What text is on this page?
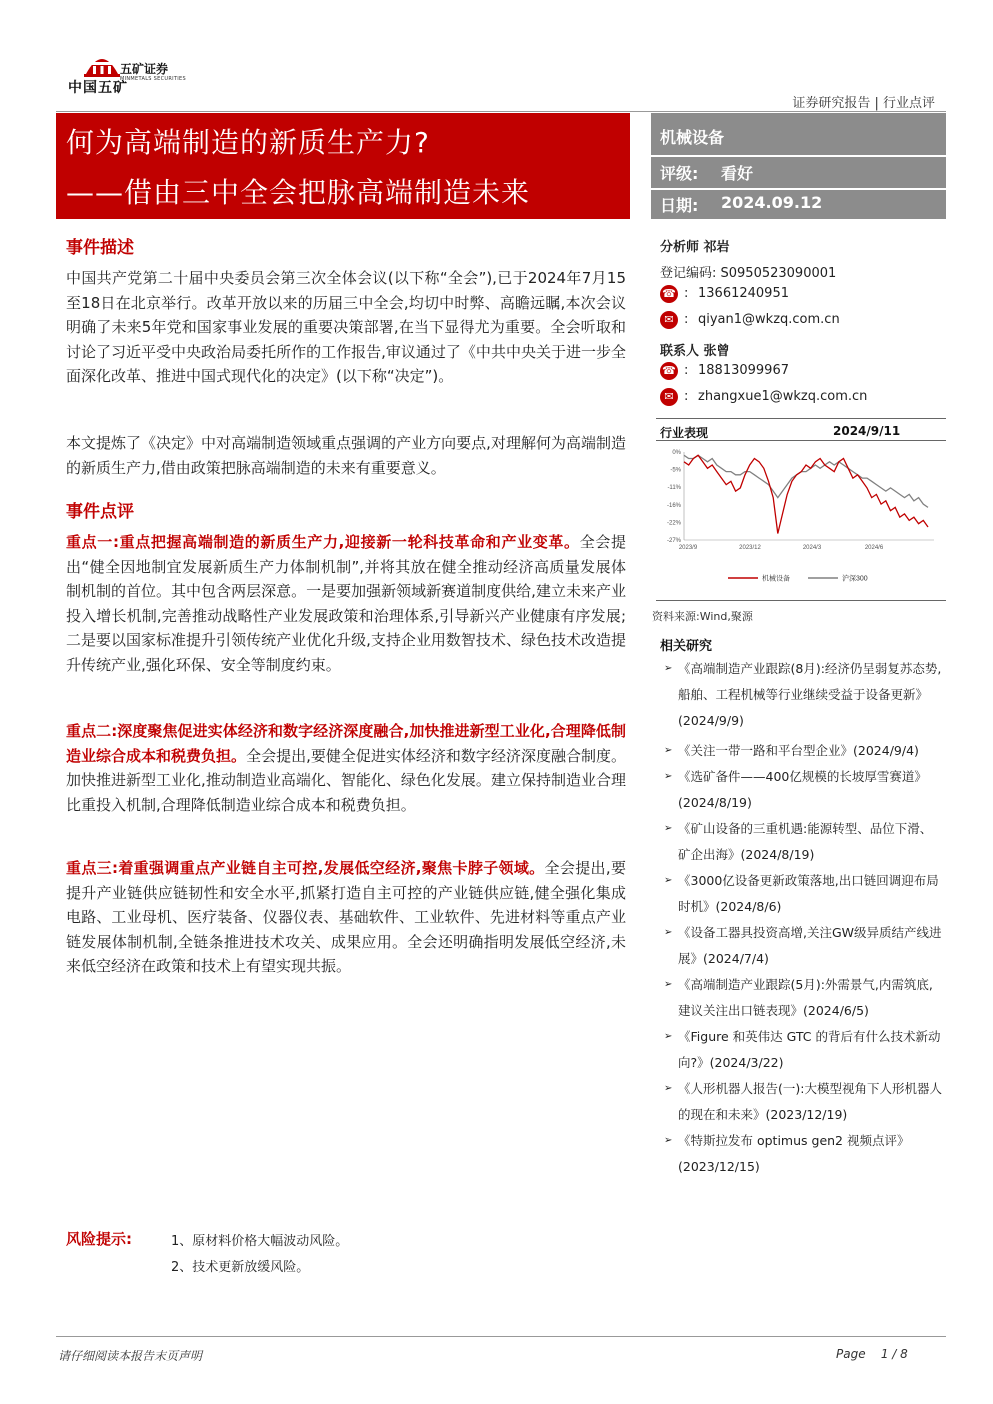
中国五矿
五矿证券
MINMETALS SECURITIES
证券研究报告 | 行业点评
何为高端制造的新质生产力?
——借由三中全会把脉高端制造未来
机械设备
评级: 看好
日期: 2024.09.12
事件描述
中国共产党第二十届中央委员会第三次全体会议(以下称“全会”),已于2024年7月15至18日在北京举行。改革开放以来的历届三中全会,均切中时弊、高瞻远瞩,本次会议明确了未来5年党和国家事业发展的重要决策部署,在当下显得尤为重要。全会听取和讨论了习近平受中央政治局委托所作的工作报告,审议通过了《中共中央关于进一步全面深化改革、推进中国式现代化的决定》(以下称“决定”)。
本文提炼了《决定》中对高端制造领域重点强调的产业方向要点,对理解何为高端制造的新质生产力,借由政策把脉高端制造的未来有重要意义。
事件点评
重点一:重点把握高端制造的新质生产力,迎接新一轮科技革命和产业变革。全会提出“健全因地制宜发展新质生产力体制机制”,并将其放在健全推动经济高质量发展体制机制的首位。其中包含两层深意。一是要加强新领域新赛道制度供给,建立未来产业投入增长机制,完善推动战略性产业发展政策和治理体系,引导新兴产业健康有序发展;二是要以国家标准提升引领传统产业优化升级,支持企业用数智技术、绿色技术改造提升传统产业,强化环保、安全等制度约束。
重点二:深度聚焦促进实体经济和数字经济深度融合,加快推进新型工业化,合理降低制造业综合成本和税费负担。全会提出,要健全促进实体经济和数字经济深度融合制度。加快推进新型工业化,推动制造业高端化、智能化、绿色化发展。建立保持制造业合理比重投入机制,合理降低制造业综合成本和税费负担。
重点三:着重强调重点产业链自主可控,发展低空经济,聚焦卡脖子领域。全会提出,要提升产业链供应链韧性和安全水平,抓紧打造自主可控的产业链供应链,健全强化集成电路、工业母机、医疗装备、仪器仪表、基础软件、工业软件、先进材料等重点产业链发展体制机制,全链条推进技术攻关、成果应用。全会还明确指明发展低空经济,未来低空经济在政策和技术上有望实现共振。
分析师 祁岩
登记编码: S0950523090001
☎ : 13661240951
✉ : qiyan1@wkzq.com.cn
联系人 张曾
☎ : 18813099967
✉ : zhangxue1@wkzq.com.cn
行业表现	2024/9/11
0%
-5%
-11%
-16%
-22%
-27%
2023/9	2023/12	2024/3	2024/6
机械设备	沪深300
资料来源:Wind,聚源
相关研究
➢ 《高端制造产业跟踪(8月):经济仍呈弱复苏态势,船舶、工程机械等行业继续受益于设备更新》(2024/9/9)
➢ 《关注一带一路和平台型企业》(2024/9/4)
➢ 《选矿备件——400亿规模的长坡厚雪赛道》(2024/8/19)
➢ 《矿山设备的三重机遇:能源转型、品位下滑、矿企出海》(2024/8/19)
➢ 《3000亿设备更新政策落地,出口链回调迎布局时机》(2024/8/6)
➢ 《设备工器具投资高增,关注GW级异质结产线进展》(2024/7/4)
➢ 《高端制造产业跟踪(5月):外需景气,内需筑底,建议关注出口链表现》(2024/6/5)
➢ 《Figure 和英伟达 GTC 的背后有什么技术新动向?》(2024/3/22)
➢ 《人形机器人报告(一):大模型视角下人形机器人的现在和未来》(2023/12/19)
➢ 《特斯拉发布 optimus gen2 视频点评》(2023/12/15)
风险提示:	1、原材料价格大幅波动风险。
2、技术更新放缓风险。
请仔细阅读本报告末页声明	Page    1 / 8
